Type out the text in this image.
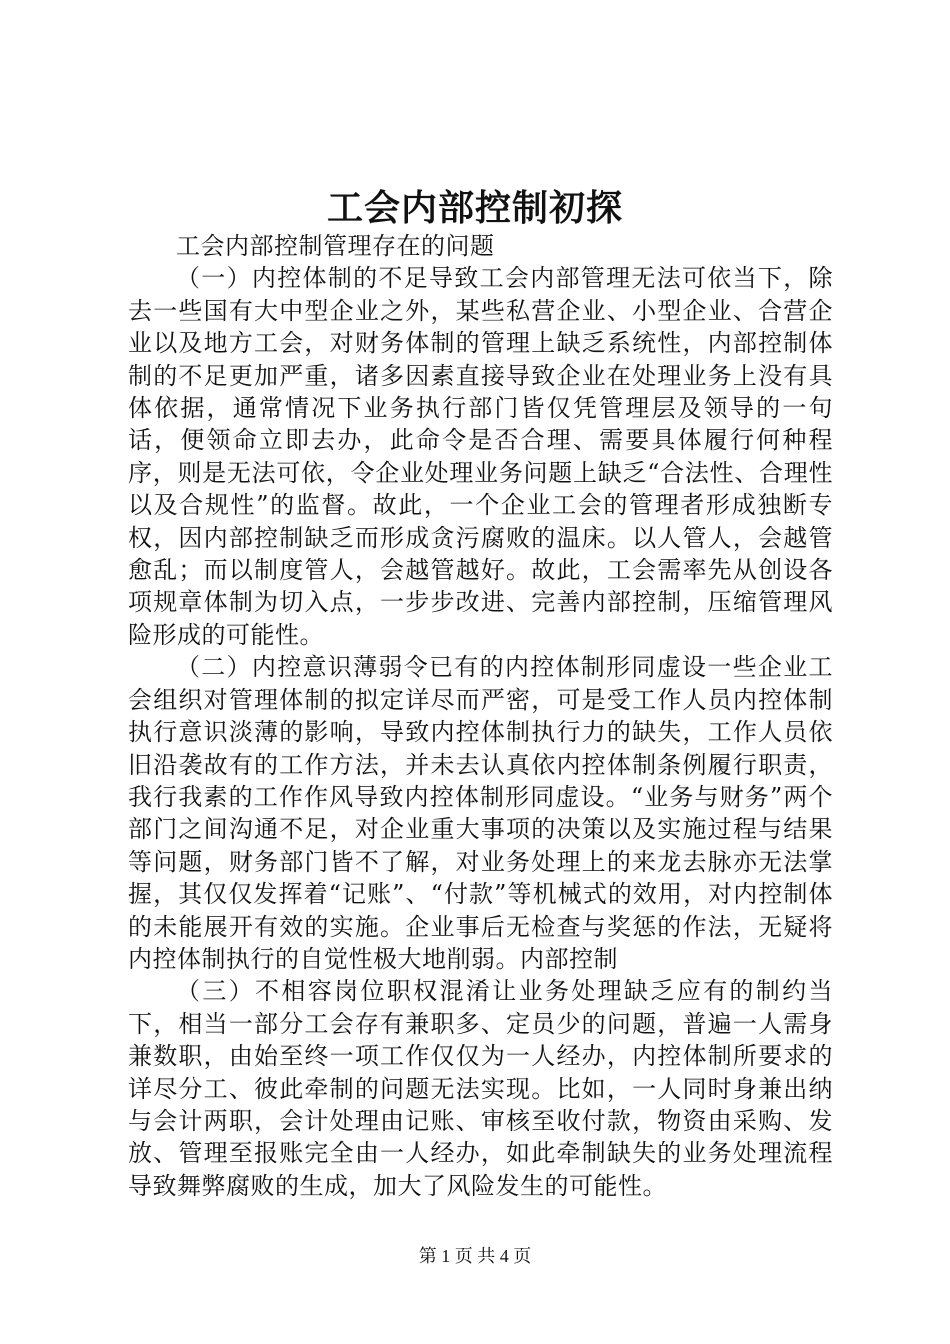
工会内部控制初探

工会内部控制管理存在的问题

（一）内控体制的不足导致工会内部管理无法可依当下，除去一些国有大中型企业之外，某些私营企业、小型企业、合营企业以及地方工会，对财务体制的管理上缺乏系统性，内部控制体制的不足更加严重，诸多因素直接导致企业在处理业务上没有具体依据，通常情况下业务执行部门皆仅凭管理层及领导的一句话，便领命立即去办，此命令是否合理、需要具体履行何种程序，则是无法可依，令企业处理业务问题上缺乏“合法性、合理性以及合规性”的监督。故此，一个企业工会的管理者形成独断专权，因内部控制缺乏而形成贪污腐败的温床。以人管人，会越管愈乱；而以制度管人，会越管越好。故此，工会需率先从创设各项规章体制为切入点，一步步改进、完善内部控制，压缩管理风险形成的可能性。

（二）内控意识薄弱令已有的内控体制形同虚设一些企业工会组织对管理体制的拟定详尽而严密，可是受工作人员内控体制执行意识淡薄的影响，导致内控体制执行力的缺失，工作人员依旧沿袭故有的工作方法，并未去认真依内控体制条例履行职责，我行我素的工作作风导致内控体制形同虚设。“业务与财务”两个部门之间沟通不足，对企业重大事项的决策以及实施过程与结果等问题，财务部门皆不了解，对业务处理上的来龙去脉亦无法掌握，其仅仅发挥着“记账”、“付款”等机械式的效用，对内控制体的未能展开有效的实施。企业事后无检查与奖惩的作法，无疑将内控体制执行的自觉性极大地削弱。内部控制

（三）不相容岗位职权混淆让业务处理缺乏应有的制约当下，相当一部分工会存有兼职多、定员少的问题，普遍一人需身兼数职，由始至终一项工作仅仅为一人经办，内控体制所要求的详尽分工、彼此牵制的问题无法实现。比如，一人同时身兼出纳与会计两职，会计处理由记账、审核至收付款，物资由采购、发放、管理至报账完全由一人经办，如此牵制缺失的业务处理流程导致舞弊腐败的生成，加大了风险发生的可能性。

第 1 页 共 4 页
